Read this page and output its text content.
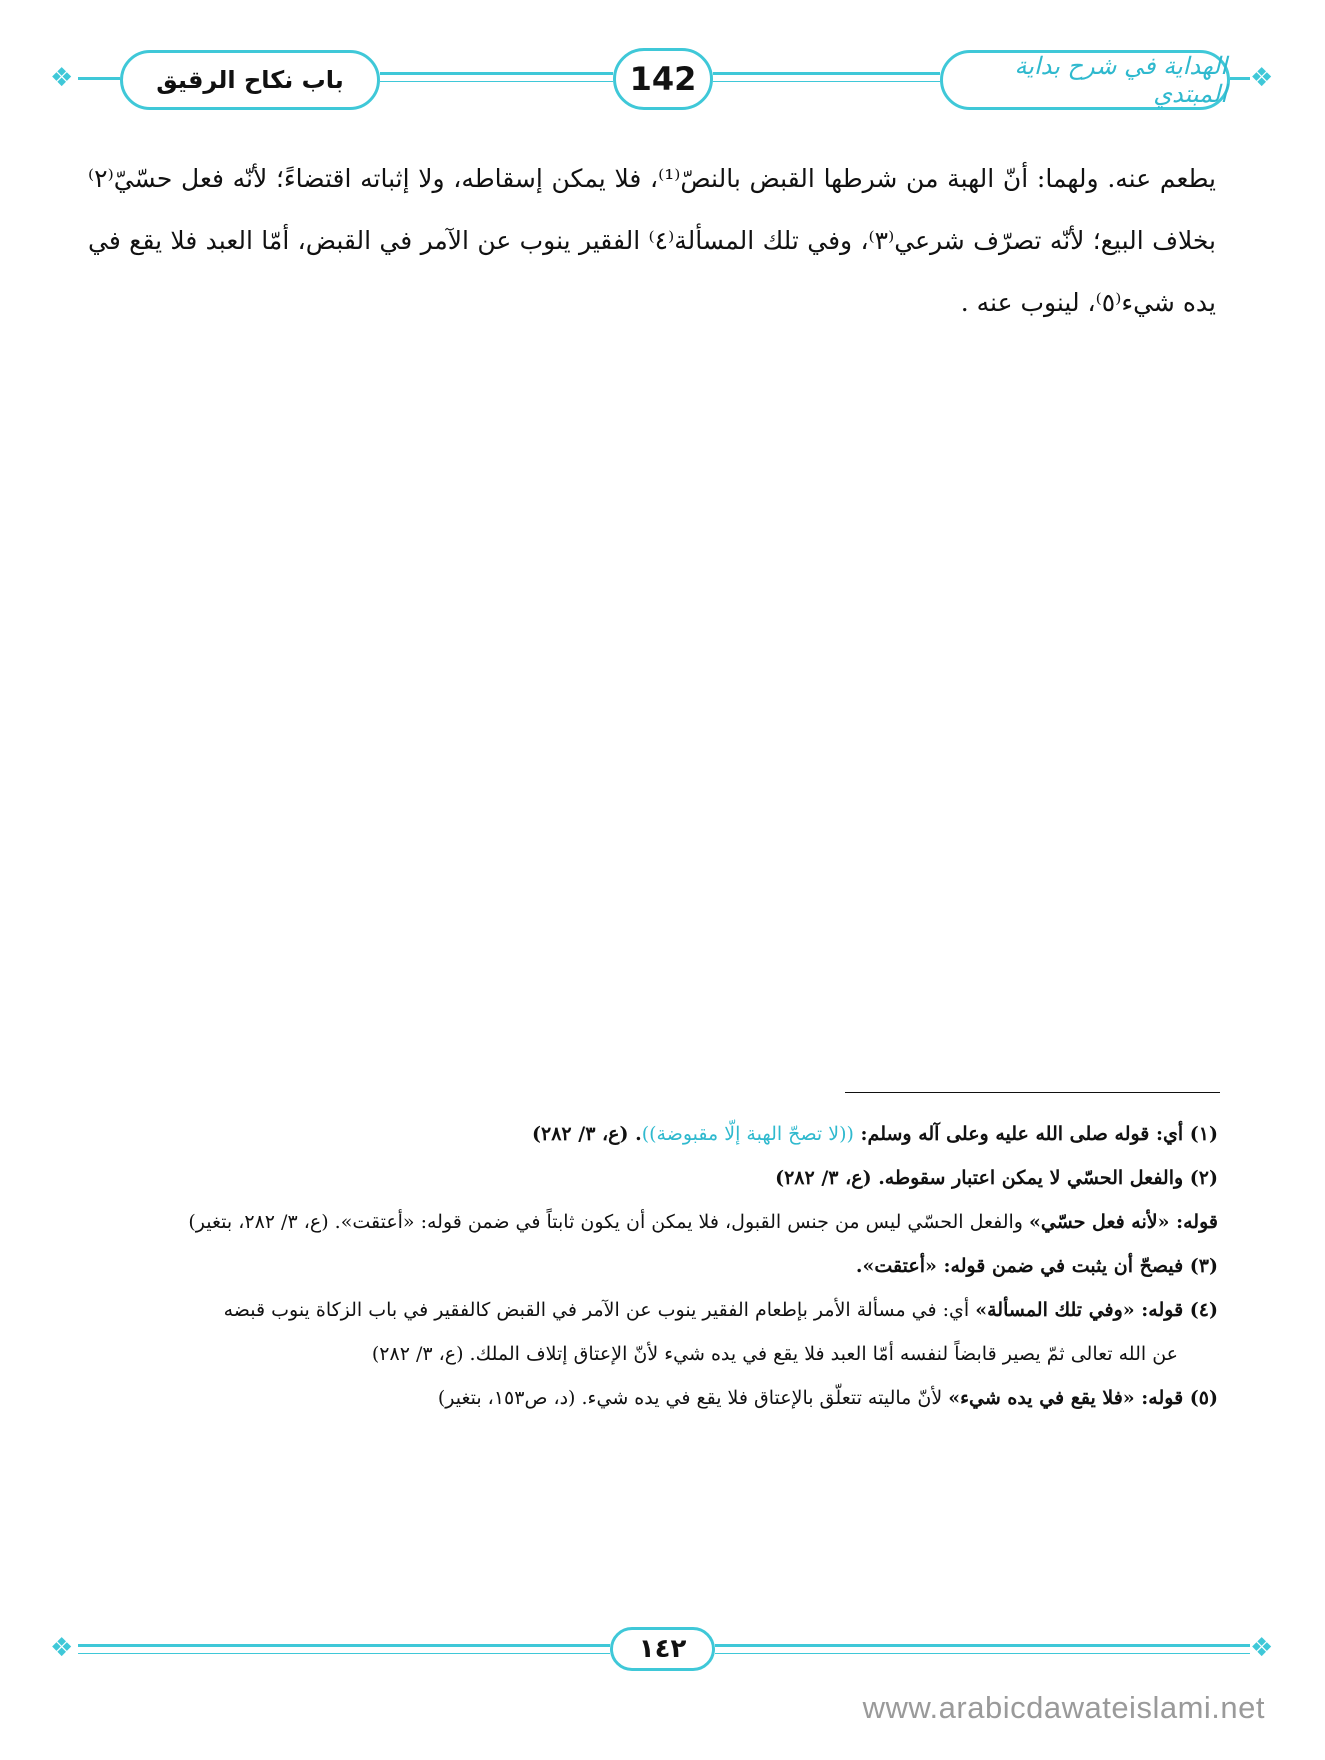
❖	❖
باب نكاح الرقيق	142	الهداية في شرح بداية المبتدي
يطعم عنه. ولهما: أنّ الهبة من شرطها القبض بالنصّ⁽¹⁾، فلا يمكن إسقاطه، ولا إثباته اقتضاءً؛ لأنّه فعل حسّيّ⁽٢⁾ بخلاف البيع؛ لأنّه تصرّف شرعي⁽٣⁾، وفي تلك المسألة⁽٤⁾ الفقير ينوب عن الآمر في القبض، أمّا العبد فلا يقع في يده شيء⁽٥⁾، لينوب عنه .

(١) أي: قوله صلى الله عليه وعلى آله وسلم: ((لا تصحّ الهبة إلّا مقبوضة)). (ع، ٣/ ٢٨٢)

(٢) والفعل الحسّي لا يمكن اعتبار سقوطه. (ع، ٣/ ٢٨٢)

قوله: «لأنه فعل حسّي» والفعل الحسّي ليس من جنس القبول، فلا يمكن أن يكون ثابتاً في ضمن قوله: «أعتقت». (ع، ٣/ ٢٨٢، بتغير)

(٣) فيصحّ أن يثبت في ضمن قوله: «أعتقت».

(٤) قوله: «وفي تلك المسألة» أي: في مسألة الأمر بإطعام الفقير ينوب عن الآمر في القبض كالفقير في باب الزكاة ينوب قبضه

عن الله تعالى ثمّ يصير قابضاً لنفسه أمّا العبد فلا يقع في يده شيء لأنّ الإعتاق إتلاف الملك. (ع، ٣/ ٢٨٢)

(٥) قوله: «فلا يقع في يده شيء» لأنّ ماليته تتعلّق بالإعتاق فلا يقع في يده شيء. (د، ص١٥٣، بتغير)

❖	❖
١٤٢
www.arabicdawateislami.net
